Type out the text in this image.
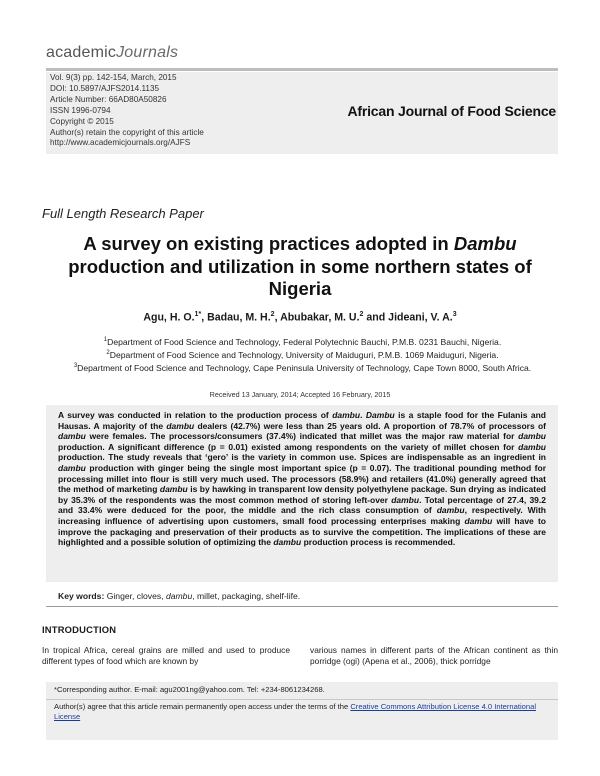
academicJournals
Vol. 9(3) pp. 142-154, March, 2015
DOI: 10.5897/AJFS2014.1135
Article Number: 66AD80A50826
ISSN 1996-0794
Copyright © 2015
Author(s) retain the copyright of this article
http://www.academicjournals.org/AJFS
African Journal of Food Science
Full Length Research Paper
A survey on existing practices adopted in Dambu production and utilization in some northern states of Nigeria
Agu, H. O.$^{1*}$, Badau, M. H.$^2$, Abubakar, M. U.$^2$ and Jideani, V. A.$^3$
$^1$Department of Food Science and Technology, Federal Polytechnic Bauchi, P.M.B. 0231 Bauchi, Nigeria.
$^2$Department of Food Science and Technology, University of Maiduguri, P.M.B. 1069 Maiduguri, Nigeria.
$^3$Department of Food Science and Technology, Cape Peninsula University of Technology, Cape Town 8000, South Africa.
Received 13 January, 2014; Accepted 16 February, 2015
A survey was conducted in relation to the production process of dambu. Dambu is a staple food for the Fulanis and Hausas. A majority of the dambu dealers (42.7%) were less than 25 years old. A proportion of 78.7% of processors of dambu were females. The processors/consumers (37.4%) indicated that millet was the major raw material for dambu production. A significant difference (p = 0.01) existed among respondents on the variety of millet chosen for dambu production. The study reveals that ‘gero’ is the variety in common use. Spices are indispensable as an ingredient in dambu production with ginger being the single most important spice (p = 0.07). The traditional pounding method for processing millet into flour is still very much used. The processors (58.9%) and retailers (41.0%) generally agreed that the method of marketing dambu is by hawking in transparent low density polyethylene package. Sun drying as indicated by 35.3% of the respondents was the most common method of storing left-over dambu. Total percentage of 27.4, 39.2 and 33.4% were deduced for the poor, the middle and the rich class consumption of dambu, respectively. With increasing influence of advertising upon customers, small food processing enterprises making dambu will have to improve the packaging and preservation of their products as to survive the competition. The implications of these are highlighted and a possible solution of optimizing the dambu production process is recommended.
Key words: Ginger, cloves, dambu, millet, packaging, shelf-life.
INTRODUCTION
In tropical Africa, cereal grains are milled and used to produce different types of food which are known by
various names in different parts of the African continent as thin porridge (ogi) (Apena et al., 2006), thick porridge
*Corresponding author. E-mail: agu2001ng@yahoo.com. Tel: +234-8061234268.
Author(s) agree that this article remain permanently open access under the terms of the Creative Commons Attribution License 4.0 International License
